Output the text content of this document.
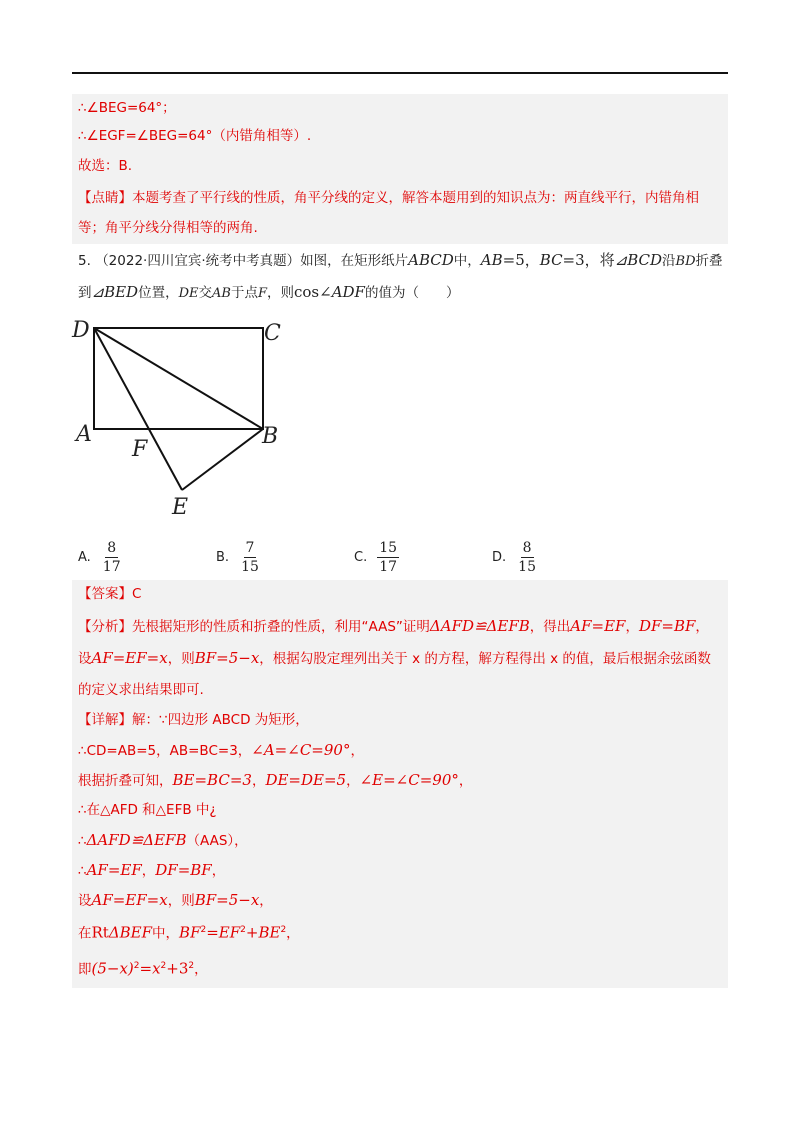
∴∠BEG=64°；
∴∠EGF=∠BEG=64°（内错角相等）.
故选：B.
【点睛】本题考查了平行线的性质，角平分线的定义，解答本题用到的知识点为：两直线平行，内错角相
等；角平分线分得相等的两角.
5. （2022·四川宜宾·统考中考真题）如图，在矩形纸片ABCD中，AB=5，BC=3，将⊿BCD沿BD折叠
到⊿BED位置，DE交AB于点F，则cos∠ADF的值为（　　）
D	C
A	B
F
E
A. $\frac{8}{17}$	B. $\frac{7}{15}$	C. $\frac{15}{17}$	D. $\frac{8}{15}$
【答案】C
【分析】先根据矩形的性质和折叠的性质，利用“AAS”证明ΔAFD≌ΔEFB，得出AF=EF，DF=BF，
设AF=EF=x，则BF=5−x，根据勾股定理列出关于 x 的方程，解方程得出 x 的值，最后根据余弦函数
的定义求出结果即可.
【详解】解：∵四边形 ABCD 为矩形，
∴CD=AB=5，AB=BC=3，∠A=∠C=90°，
根据折叠可知，BE=BC=3，DE=DE=5，∠E=∠C=90°，
∴在△AFD 和△EFB 中¿
∴ΔAFD≌ΔEFB（AAS），
∴AF=EF，DF=BF，
设AF=EF=x，则BF=5−x，
在RtΔBEF中，$BF^2=EF^2+BE^2$，
即$(5-x)^2=x^2+3^2$，
